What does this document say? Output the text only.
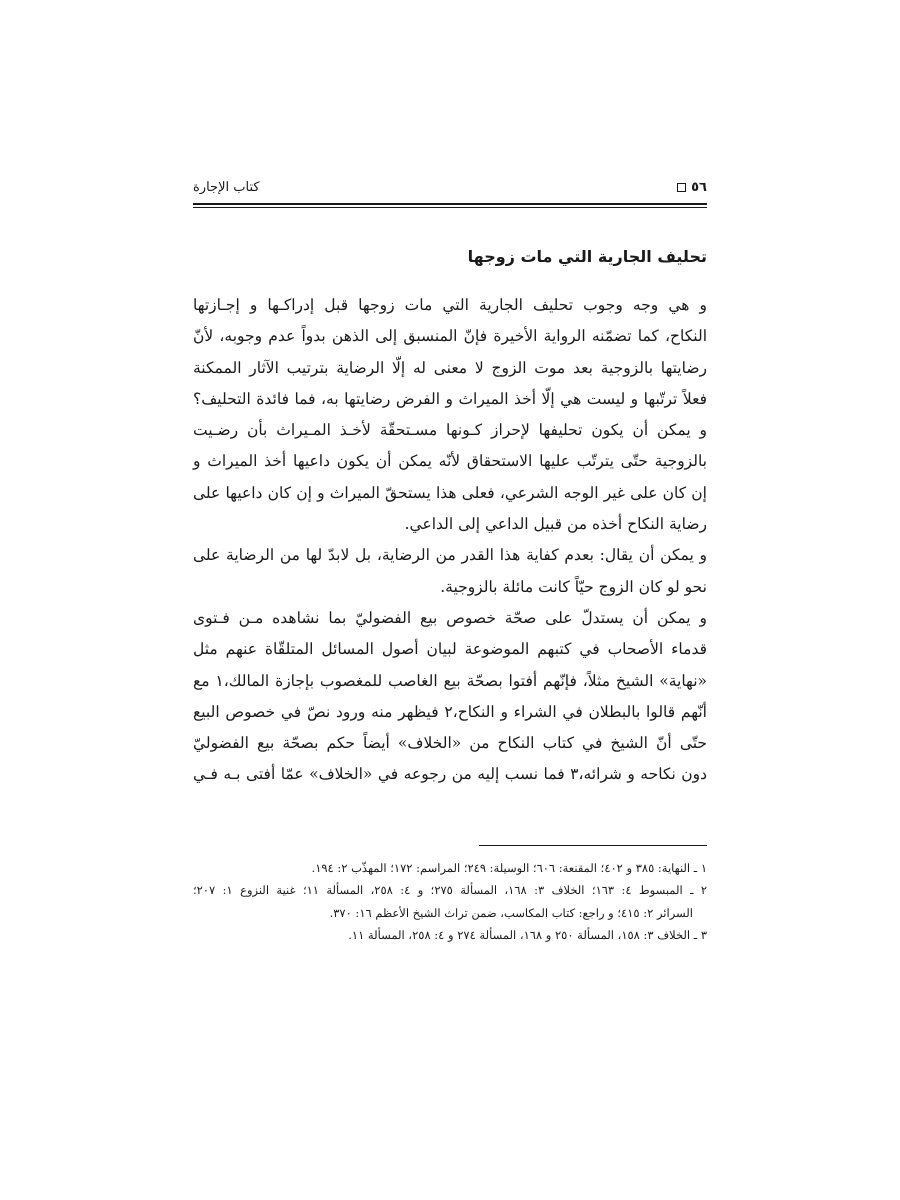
٥٦
كتاب الإجارة
تحليف الجارية التي مات زوجها
و هي وجه وجوب تحليف الجارية التي مات زوجها قبل إدراكـها و إجـازتها
النكاح، كما تضمّنه الرواية الأخيرة فإنّ المنسبق إلى الذهن بدواً عدم وجوبه، لأنّ
رضايتها بالزوجية بعد موت الزوج لا معنى له إلّا الرضاية بترتيب الآثار الممكنة
فعلاً ترتّبها و ليست هي إلّا أخذ الميراث و الفرض رضايتها به، فما فائدة التحليف؟
و يمكن أن يكون تحليفها لإحراز كـونها مسـتحقّة لأخـذ المـيراث بأن رضـيت
بالزوجية حتّى يترتّب عليها الاستحقاق لأنّه يمكن أن يكون داعيها أخذ الميراث و
إن كان على غير الوجه الشرعي، فعلى هذا يستحقّ الميراث و إن كان داعيها على
رضاية النكاح أخذه من قبيل الداعي إلى الداعي.
و يمكن أن يقال: بعدم كفاية هذا القدر من الرضاية، بل لابدّ لها من الرضاية على
نحو لو كان الزوج حيّاً كانت مائلة بالزوجية.
و يمكن أن يستدلّ على صحّة خصوص بيع الفضوليّ بما نشاهده مـن فـتوى
قدماء الأصحاب في كتبهم الموضوعة لبيان أصول المسائل المتلقّاة عنهم مثل
«نهاية» الشيخ مثلاً، فإنّهم أفتوا بصحّة بيع الغاصب للمغصوب بإجازة المالك،١ مع
أنّهم قالوا بالبطلان في الشراء و النكاح،٢ فيظهر منه ورود نصّ في خصوص البيع
حتّى أنّ الشيخ في كتاب النكاح من «الخلاف» أيضاً حكم بصحّة بيع الفضوليّ
دون نكاحه و شرائه،٣ فما نسب إليه من رجوعه في «الخلاف» عمّا أفتى بـه فـي
١ ـ النهاية: ٣٨٥ و ٤٠٢؛ المقنعة: ٦٠٦؛ الوسيلة: ٢٤٩؛ المراسم: ١٧٢؛ المهذّب ٢: ١٩٤.
٢ ـ المبسوط ٤: ١٦٣؛ الخلاف ٣: ١٦٨، المسألة ٢٧٥؛ و ٤: ٢٥٨، المسألة ١١؛ غنية النزوع ١: ٢٠٧؛
السرائر ٢: ٤١٥؛ و راجع: كتاب المكاسب، ضمن تراث الشيخ الأعظم ١٦: ٣٧٠.
٣ ـ الخلاف ٣: ١٥٨، المسألة ٢٥٠ و ١٦٨، المسألة ٢٧٤ و ٤: ٢٥٨، المسألة ١١.
